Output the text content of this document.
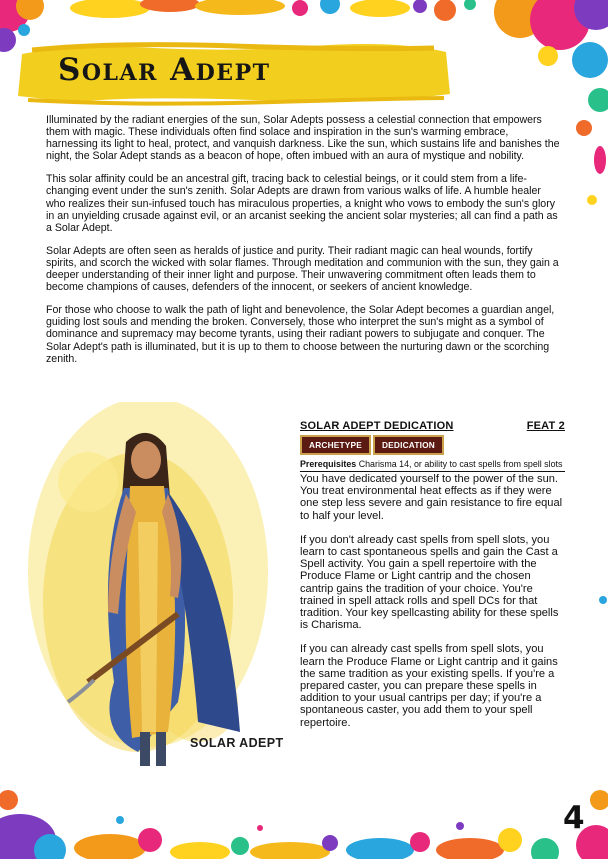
Solar Adept

Illuminated by the radiant energies of the sun, Solar Adepts possess a celestial connection that empowers them with magic. These individuals often find solace and inspiration in the sun's warming embrace, harnessing its light to heal, protect, and vanquish darkness. Like the sun, which sustains life and banishes the night, the Solar Adept stands as a beacon of hope, often imbued with an aura of mystique and nobility.

This solar affinity could be an ancestral gift, tracing back to celestial beings, or it could stem from a life-changing event under the sun's zenith. Solar Adepts are drawn from various walks of life. A humble healer who realizes their sun-infused touch has miraculous properties, a knight who vows to embody the sun's glory in an unyielding crusade against evil, or an arcanist seeking the ancient solar mysteries; all can find a path as a Solar Adept.

Solar Adepts are often seen as heralds of justice and purity. Their radiant magic can heal wounds, fortify spirits, and scorch the wicked with solar flames. Through meditation and communion with the sun, they gain a deeper understanding of their inner light and purpose. Their unwavering commitment often leads them to become champions of causes, defenders of the innocent, or seekers of ancient knowledge.

For those who choose to walk the path of light and benevolence, the Solar Adept becomes a guardian angel, guiding lost souls and mending the broken. Conversely, those who interpret the sun's might as a symbol of dominance and supremacy may become tyrants, using their radiant powers to subjugate and conquer. The Solar Adept's path is illuminated, but it is up to them to choose between the nurturing dawn or the scorching zenith.

SOLAR ADEPT
SOLAR ADEPT DEDICATION	FEAT 2
ARCHETYPE	DEDICATION
Prerequisites Charisma 14, or ability to cast spells from spell slots

You have dedicated yourself to the power of the sun. You treat environmental heat effects as if they were one step less severe and gain resistance to fire equal to half your level.

If you don't already cast spells from spell slots, you learn to cast spontaneous spells and gain the Cast a Spell activity. You gain a spell repertoire with the Produce Flame or Light cantrip and the chosen cantrip gains the tradition of your choice. You're trained in spell attack rolls and spell DCs for that tradition. Your key spellcasting ability for these spells is Charisma.

If you can already cast spells from spell slots, you learn the Produce Flame or Light cantrip and it gains the same tradition as your existing spells. If you're a prepared caster, you can prepare these spells in addition to your usual cantrips per day; if you're a spontaneous caster, you add them to your spell repertoire.

4
